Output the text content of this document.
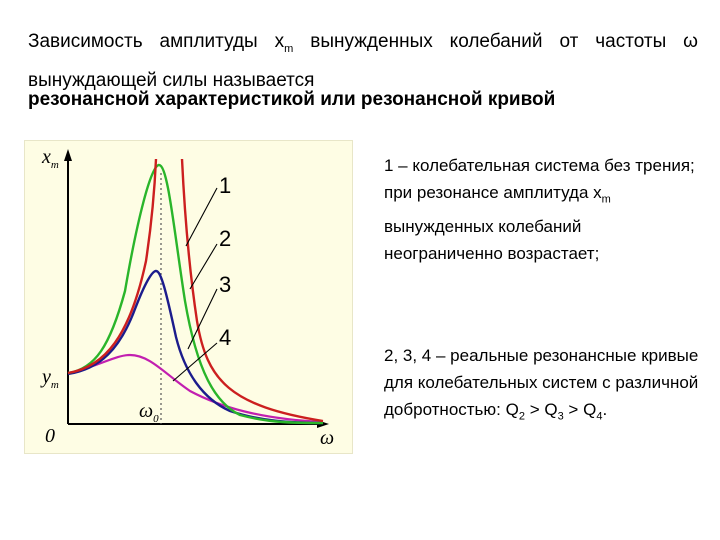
Зависимость амплитуды $x_m$ вынужденных колебаний от частоты ω вынуждающей силы называется

резонансной характеристикой или резонансной кривой

$x_m$
$y_m$
0	ω
$\omega_0$
1
2
3
4

1 – колебательная система без трения; при резонансе амплитуда $x_m$ вынужденных колебаний неограниченно возрастает;

2, 3, 4 – реальные резонансные кривые для колебательных систем с различной добротностью: $Q_2 > Q_3 > Q_4$.
